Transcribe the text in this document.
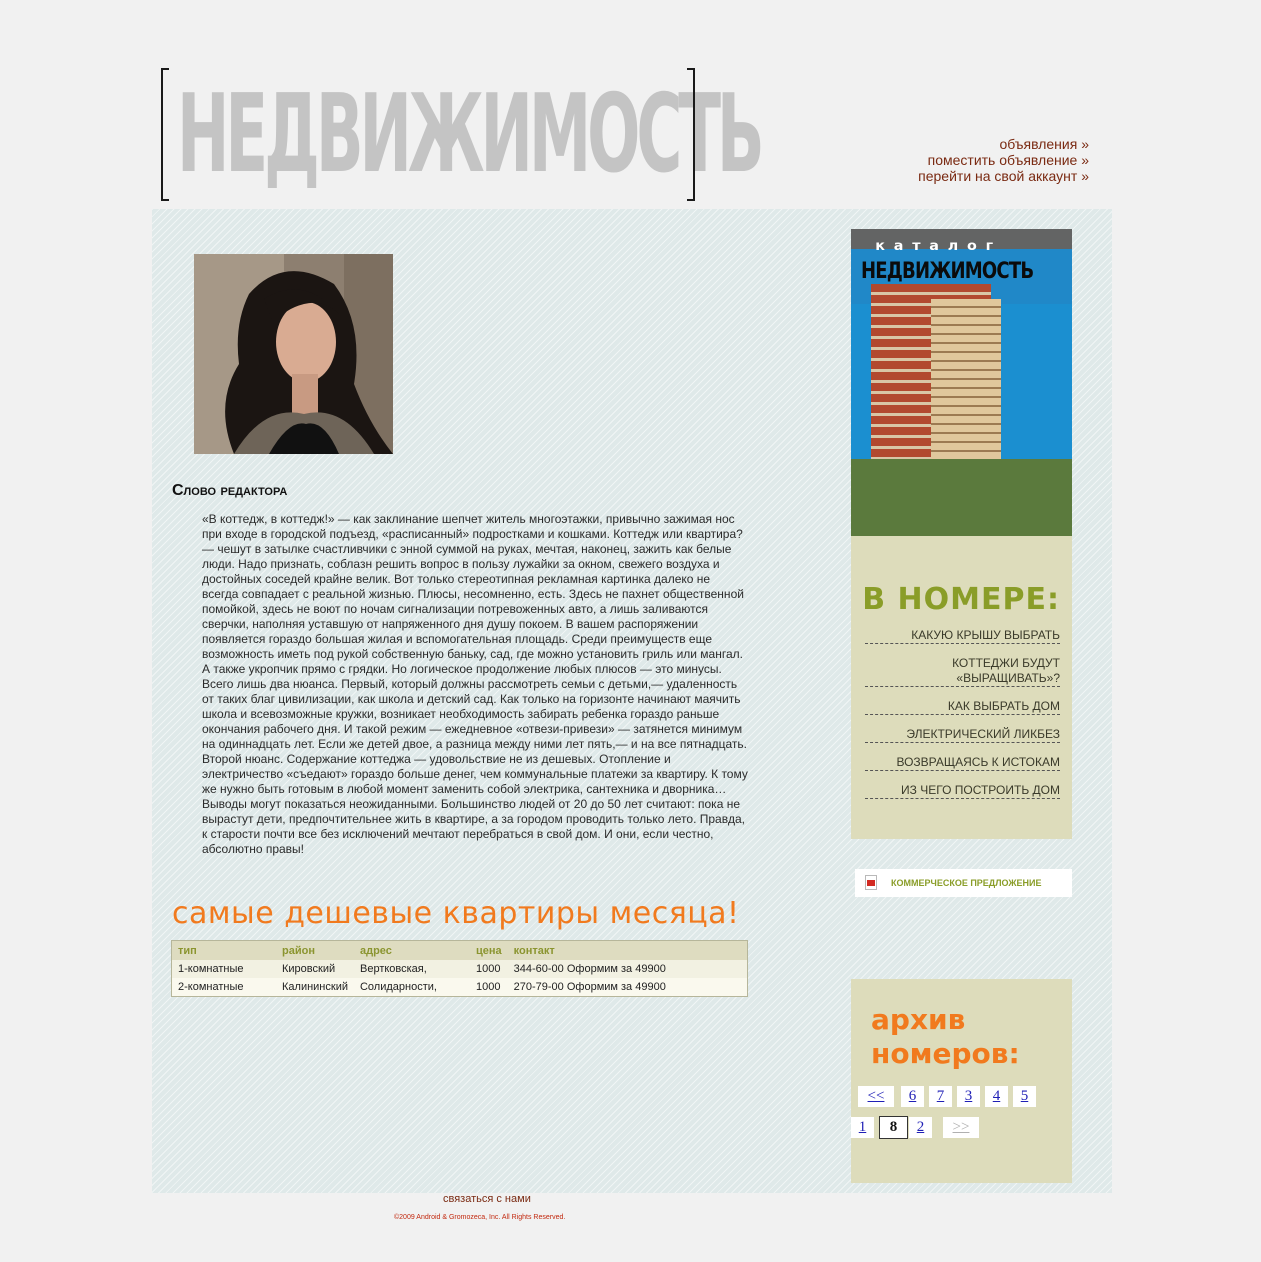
НЕДВИЖИМОСТЬ	объявления »
поместить объявление »
перейти на свой аккаунт »
Слово редактора
«В коттедж, в коттедж!» — как заклинание шепчет житель многоэтажки, привычно зажимая нос при входе в городской подъезд, «расписанный» подростками и кошками. Коттедж или квартира? — чешут в затылке счастливчики с энной суммой на руках, мечтая, наконец, зажить как белые люди. Надо признать, соблазн решить вопрос в пользу лужайки за окном, свежего воздуха и достойных соседей крайне велик. Вот только стереотипная рекламная картинка далеко не всегда совпадает с реальной жизнью. Плюсы, несомненно, есть. Здесь не пахнет общественной помойкой, здесь не воют по ночам сигнализации потревоженных авто, а лишь заливаются сверчки, наполняя уставшую от напряженного дня душу покоем. В вашем распоряжении появляется гораздо большая жилая и вспомогательная площадь. Среди преимуществ еще возможность иметь под рукой собственную баньку, сад, где можно установить гриль или мангал. А также укропчик прямо с грядки. Но логическое продолжение любых плюсов — это минусы. Всего лишь два нюанса. Первый, который должны рассмотреть семьи с детьми,— удаленность от таких благ цивилизации, как школа и детский сад. Как только на горизонте начинают маячить школа и всевозможные кружки, возникает необходимость забирать ребенка гораздо раньше окончания рабочего дня. И такой режим — ежедневное «отвези-привези» — затянется минимум на одиннадцать лет. Если же детей двое, а разница между ними лет пять,— и на все пятнадцать. Второй нюанс. Содержание коттеджа — удовольствие не из дешевых. Отопление и электричество «съедают» гораздо больше денег, чем коммунальные платежи за квартиру. К тому же нужно быть готовым в любой момент заменить собой электрика, сантехника и дворника… Выводы могут показаться неожиданными. Большинство людей от 20 до 50 лет считают: пока не вырастут дети, предпочтительнее жить в квартире, а за городом проводить только лето. Правда, к старости почти все без исключений мечтают перебраться в свой дом. И они, если честно, абсолютно правы!
самые дешевые квартиры месяца!
тип	район	адрес	цена	контакт
1-комнатные	Кировский	Вертковская,	1000	344-60-00 Оформим за 49900
2-комнатные	Калининский	Солидарности,	1000	270-79-00 Оформим за 49900
каталог
НЕДВИЖИМОСТЬ
В НОМЕРЕ:
КАКУЮ КРЫШУ ВЫБРАТЬ
КОТТЕДЖИ БУДУТ «ВЫРАЩИВАТЬ»?
КАК ВЫБРАТЬ ДОМ
ЭЛЕКТРИЧЕСКИЙ ЛИКБЕЗ
ВОЗВРАЩАЯСЬ К ИСТОКАМ
ИЗ ЧЕГО ПОСТРОИТЬ ДОМ
КОММЕРЧЕСКОЕ ПРЕДЛОЖЕНИЕ
архив
номеров:
<<	6	7	3	4	5
1	8	2	>>
связаться с нами
©2009 Android & Gromozeca, Inc. All Rights Reserved.
